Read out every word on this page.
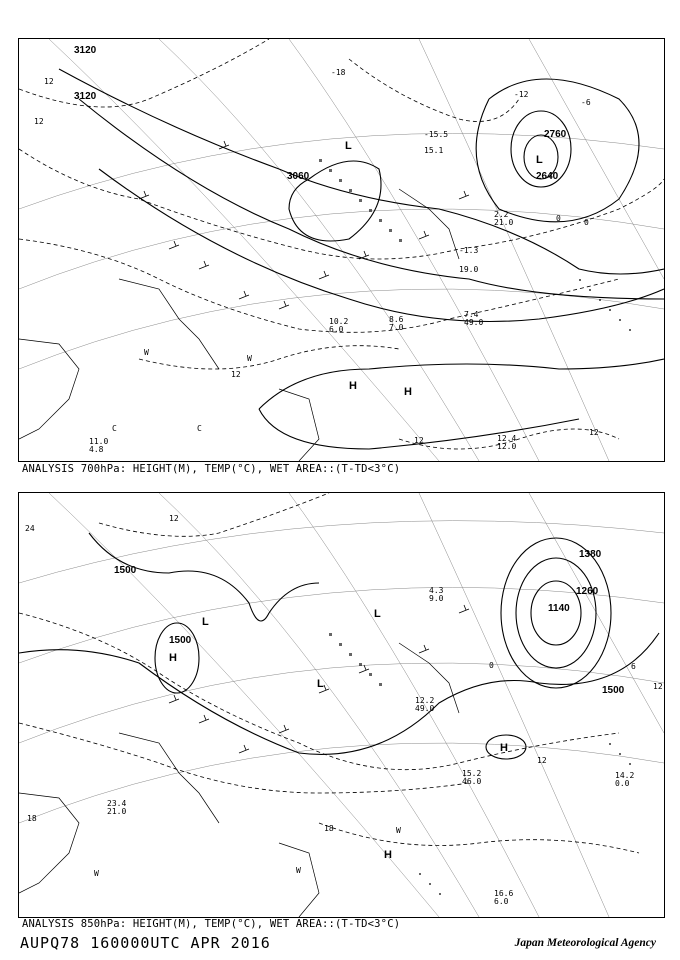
3120
3120
3060
2760
2640
12
12
-18
-12
-6
0	0
12
12
12
L
L
H	H
W
W
C	C
7.4
49.0
10.2
6.0
-1.3
19.0
12.4
12.0
11.0
4.8
-15.5
15.1
8.6
7.0
2.2
21.0
ANALYSIS 700hPa: HEIGHT(M), TEMP(°C), WET AREA::(T-TD<3°C)
1500
1500
1500
1380
1140
1260
24
12
18
12
18
12
0	6
L
H
L
L
H
H
W	W
W
15.2
46.0
16.6
6.0
14.2
0.0
23.4
21.0
12.2
49.0
4.3
9.0
ANALYSIS 850hPa: HEIGHT(M), TEMP(°C), WET AREA::(T-TD<3°C)
AUPQ78 160000UTC APR 2016	Japan Meteorological Agency
